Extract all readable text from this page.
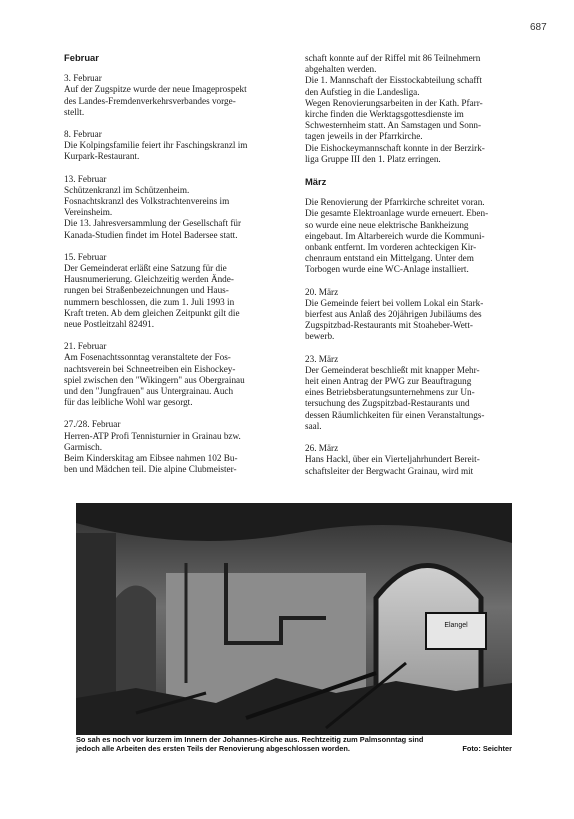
687
Februar
3. Februar
Auf der Zugspitze wurde der neue Imageprospekt
des Landes-Fremdenverkehrsverbandes vorge-
stellt.
8. Februar
Die Kolpingsfamilie feiert ihr Faschingskranzl im
Kurpark-Restaurant.
13. Februar
Schützenkranzl im Schützenheim.
Fosnachtskranzl des Volkstrachtenvereins im
Vereinsheim.
Die 13. Jahresversammlung der Gesellschaft für
Kanada-Studien findet im Hotel Badersee statt.
15. Februar
Der Gemeinderat erläßt eine Satzung für die
Hausnumerierung. Gleichzeitig werden Ände-
rungen bei Straßenbezeichnungen und Haus-
nummern beschlossen, die zum 1. Juli 1993 in
Kraft treten. Ab dem gleichen Zeitpunkt gilt die
neue Postleitzahl 82491.
21. Februar
Am Fosenachtssonntag veranstaltete der Fos-
nachtsverein bei Schneetreiben ein Eishockey-
spiel zwischen den "Wikingern" aus Obergrainau
und den "Jungfrauen" aus Untergrainau. Auch
für das leibliche Wohl war gesorgt.
27./28. Februar
Herren-ATP Profi Tennisturnier in Grainau bzw.
Garmisch.
Beim Kinderskitag am Eibsee nahmen 102 Bu-
ben und Mädchen teil. Die alpine Clubmeister-
schaft konnte auf der Riffel mit 86 Teilnehmern
abgehalten werden.
Die 1. Mannschaft der Eisstockabteilung schafft
den Aufstieg in die Landesliga.
Wegen Renovierungsarbeiten in der Kath. Pfarr-
kirche finden die Werktagsgottesdienste im
Schwesternheim statt. An Samstagen und Sonn-
tagen jeweils in der Pfarrkirche.
Die Eishockeymannschaft konnte in der Berzirk-
liga Gruppe III den 1. Platz erringen.
März
Die Renovierung der Pfarrkirche schreitet voran.
Die gesamte Elektroanlage wurde erneuert. Eben-
so wurde eine neue elektrische Bankheizung
eingebaut. Im Altarbereich wurde die Kommuni-
onbank entfernt. Im vorderen achteckigen Kir-
chenraum entstand ein Mittelgang. Unter dem
Torbogen wurde eine WC-Anlage installiert.
20. März
Die Gemeinde feiert bei vollem Lokal ein Stark-
bierfest aus Anlaß des 20jährigen Jubiläums des
Zugspitzbad-Restaurants mit Stoaheber-Wett-
bewerb.
23. März
Der Gemeinderat beschließt mit knapper Mehr-
heit einen Antrag der PWG zur Beauftragung
eines Betriebsberatungsunternehmens zur Un-
tersuchung des Zugspitzbad-Restaurants und
dessen Räumlichkeiten für einen Veranstaltungs-
saal.
26. März
Hans Hackl, über ein Vierteljahrhundert Bereit-
schaftsleiter der Bergwacht Grainau, wird mit
Elangel
So sah es noch vor kurzem im Innern der Johannes-Kirche aus. Rechtzeitig zum Palmsonntag sind
jedoch alle Arbeiten des ersten Teils der Renovierung abgeschlossen worden.	Foto: Seichter
